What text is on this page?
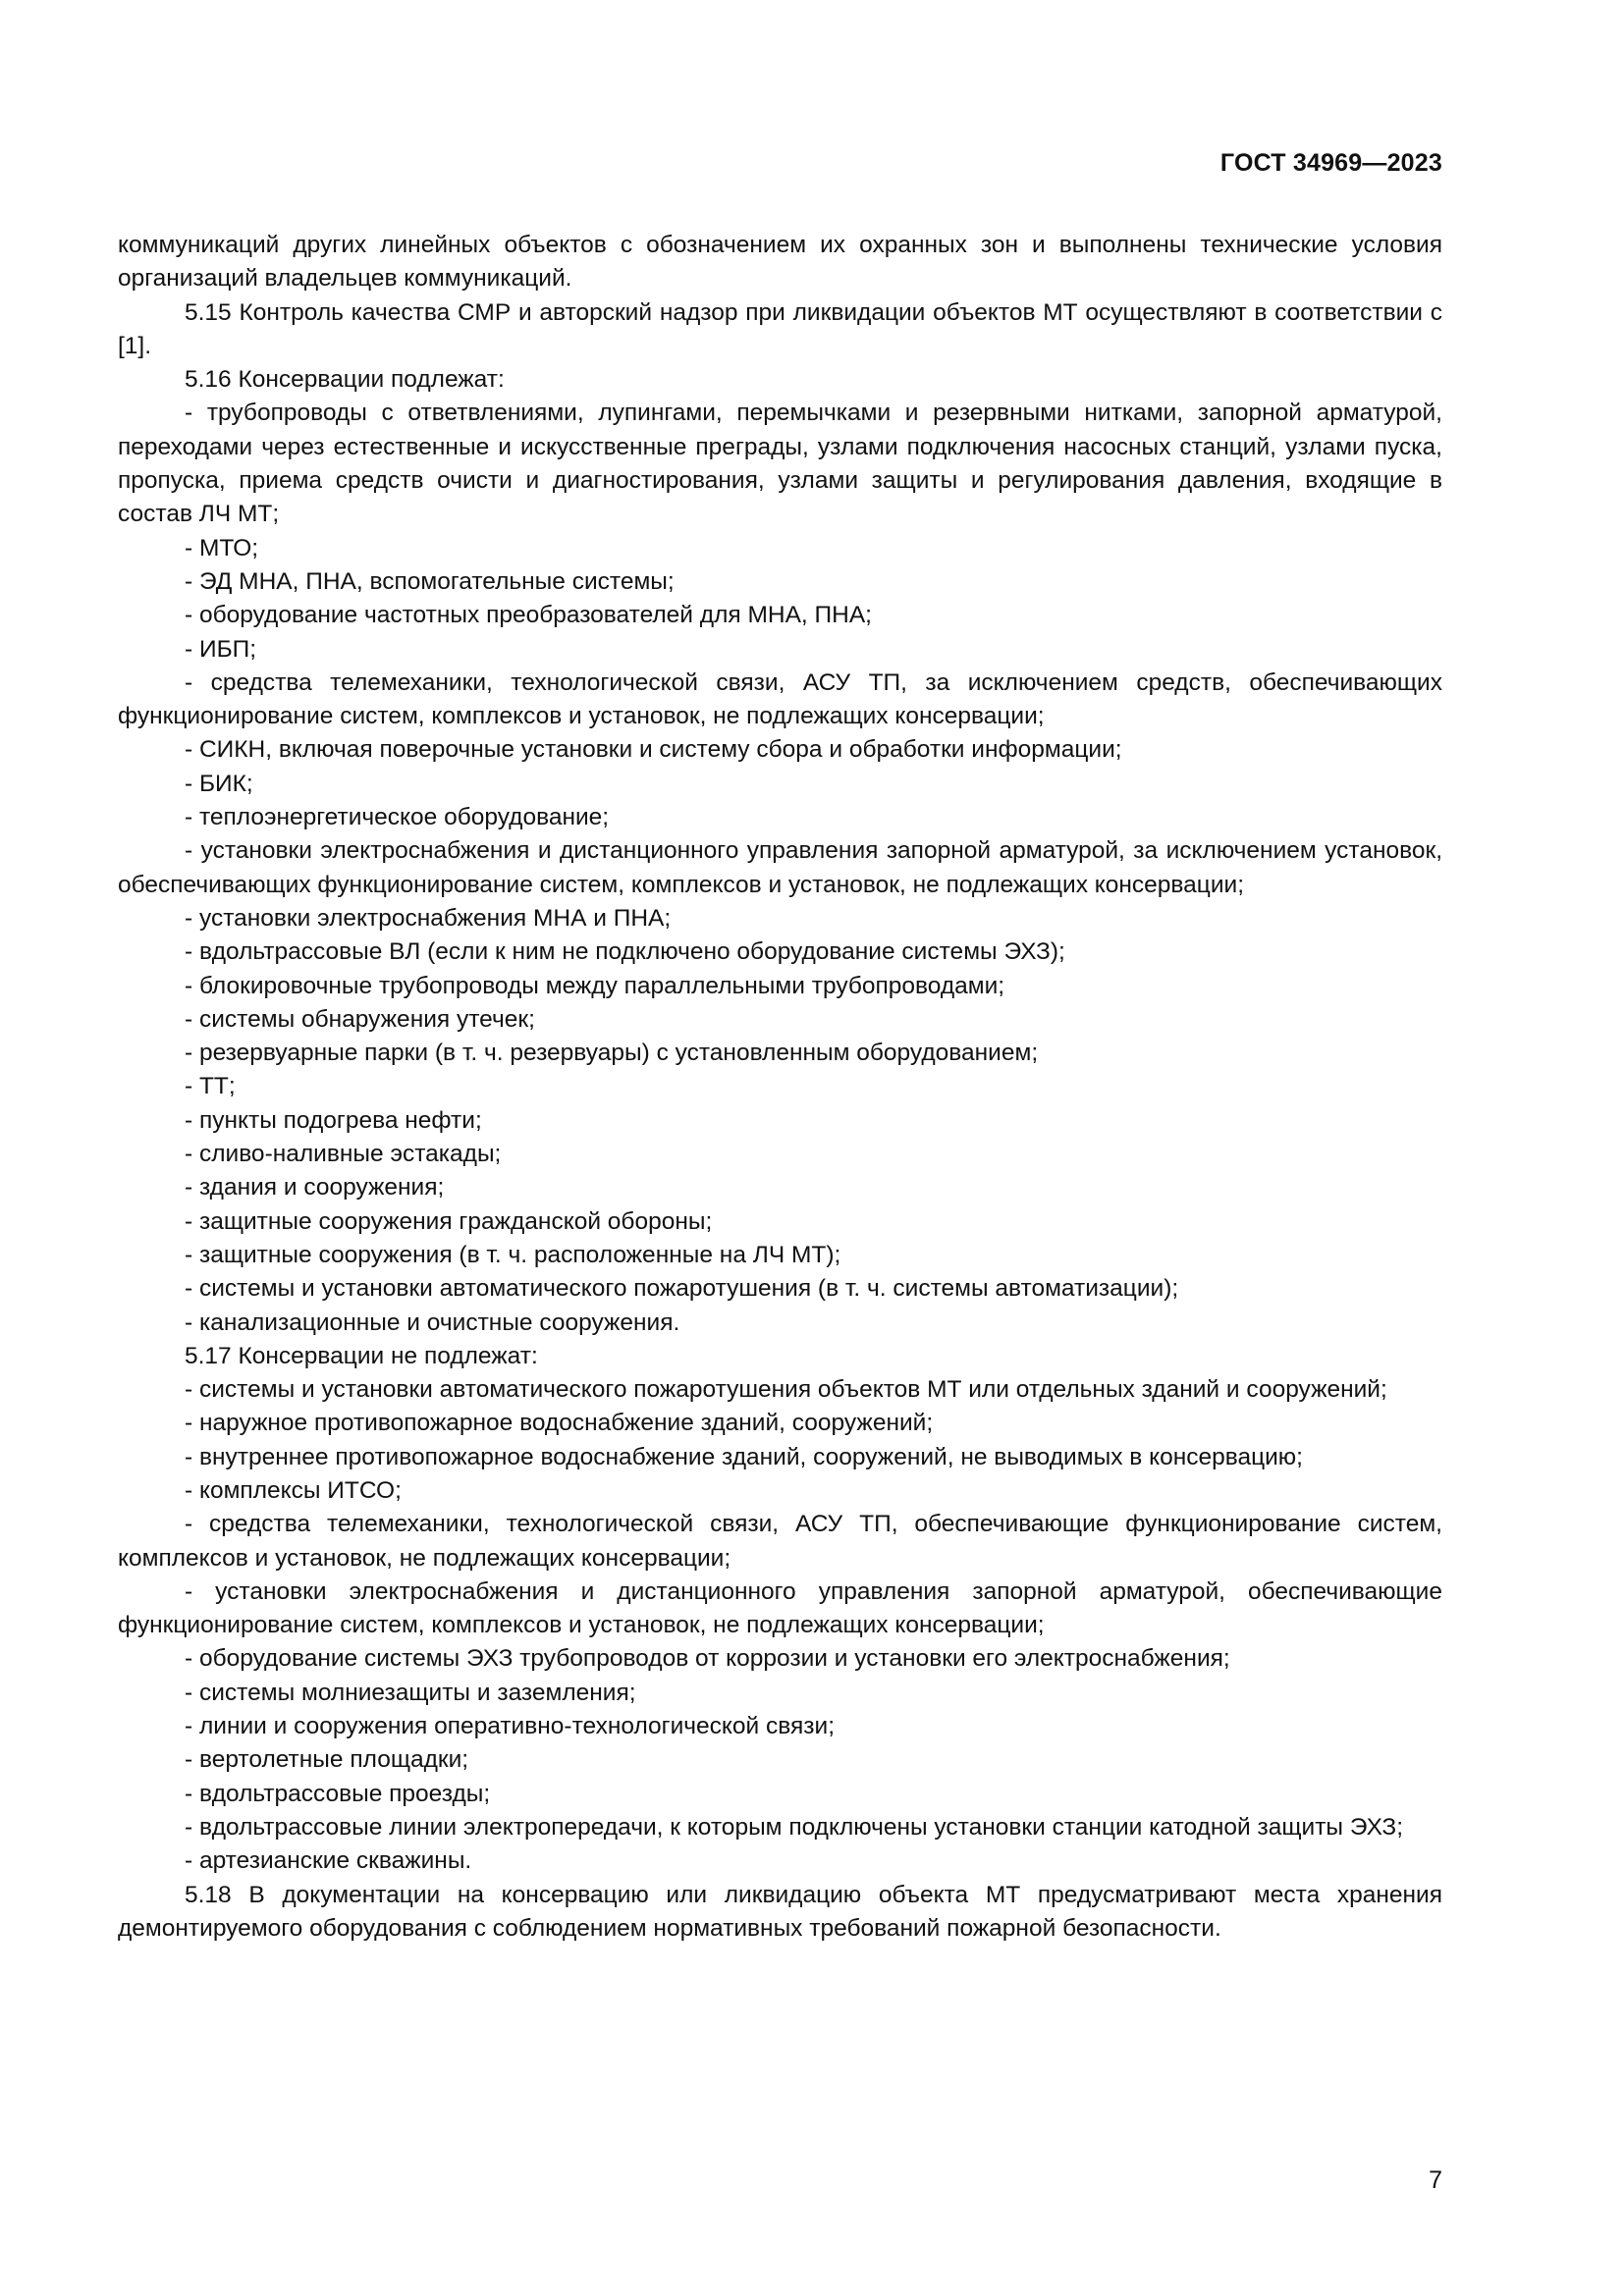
ГОСТ 34969—2023

коммуникаций других линейных объектов с обозначением их охранных зон и выполнены технические условия организаций владельцев коммуникаций.

5.15 Контроль качества СМР и авторский надзор при ликвидации объектов МТ осуществляют в соответствии с [1].

5.16 Консервации подлежат:

- трубопроводы с ответвлениями, лупингами, перемычками и резервными нитками, запорной арматурой, переходами через естественные и искусственные преграды, узлами подключения насосных станций, узлами пуска, пропуска, приема средств очисти и диагностирования, узлами защиты и регулирования давления, входящие в состав ЛЧ МТ;

- МТО;

- ЭД МНА, ПНА, вспомогательные системы;

- оборудование частотных преобразователей для МНА, ПНА;

- ИБП;

- средства телемеханики, технологической связи, АСУ ТП, за исключением средств, обеспечивающих функционирование систем, комплексов и установок, не подлежащих консервации;

- СИКН, включая поверочные установки и систему сбора и обработки информации;

- БИК;

- теплоэнергетическое оборудование;

- установки электроснабжения и дистанционного управления запорной арматурой, за исключением установок, обеспечивающих функционирование систем, комплексов и установок, не подлежащих консервации;

- установки электроснабжения МНА и ПНА;

- вдольтрассовые ВЛ (если к ним не подключено оборудование системы ЭХЗ);

- блокировочные трубопроводы между параллельными трубопроводами;

- системы обнаружения утечек;

- резервуарные парки (в т. ч. резервуары) с установленным оборудованием;

- ТТ;

- пункты подогрева нефти;

- сливо-наливные эстакады;

- здания и сооружения;

- защитные сооружения гражданской обороны;

- защитные сооружения (в т. ч. расположенные на ЛЧ МТ);

- системы и установки автоматического пожаротушения (в т. ч. системы автоматизации);

- канализационные и очистные сооружения.

5.17 Консервации не подлежат:

- системы и установки автоматического пожаротушения объектов МТ или отдельных зданий и сооружений;

- наружное противопожарное водоснабжение зданий, сооружений;

- внутреннее противопожарное водоснабжение зданий, сооружений, не выводимых в консервацию;

- комплексы ИТСО;

- средства телемеханики, технологической связи, АСУ ТП, обеспечивающие функционирование систем, комплексов и установок, не подлежащих консервации;

- установки электроснабжения и дистанционного управления запорной арматурой, обеспечивающие функционирование систем, комплексов и установок, не подлежащих консервации;

- оборудование системы ЭХЗ трубопроводов от коррозии и установки его электроснабжения;

- системы молниезащиты и заземления;

- линии и сооружения оперативно-технологической связи;

- вертолетные площадки;

- вдольтрассовые проезды;

- вдольтрассовые линии электропередачи, к которым подключены установки станции катодной защиты ЭХЗ;

- артезианские скважины.

5.18 В документации на консервацию или ликвидацию объекта МТ предусматривают места хранения демонтируемого оборудования с соблюдением нормативных требований пожарной безопасности.

7
